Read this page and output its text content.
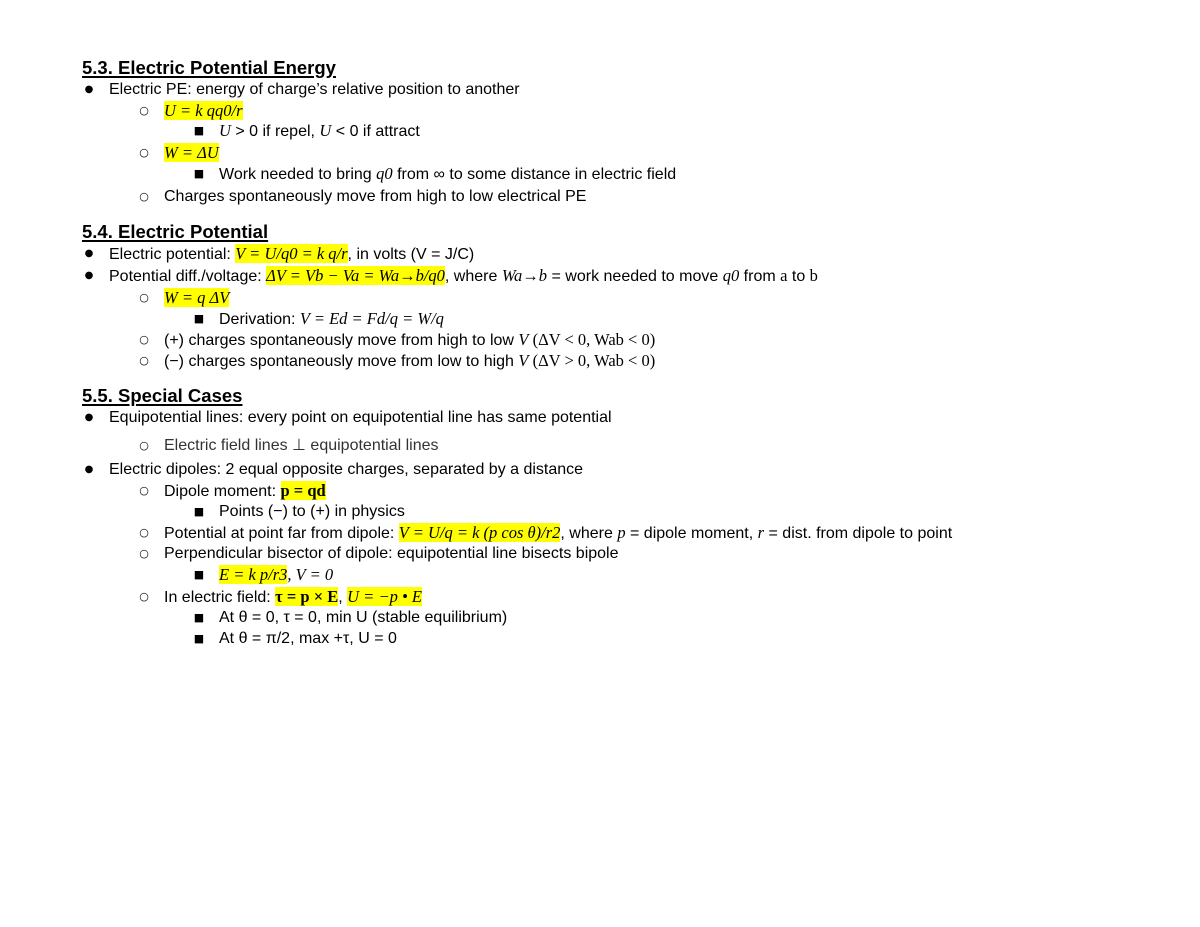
5.3. Electric Potential Energy
● Electric PE: energy of charge’s relative position to another
○ U = k qq0/r
■ U > 0 if repel, U < 0 if attract
○ W = ΔU
■ Work needed to bring q0 from ∞ to some distance in electric field
○ Charges spontaneously move from high to low electrical PE
5.4. Electric Potential
● Electric potential: V = U/q0 = k q/r, in volts (V = J/C)
● Potential diff./voltage: ΔV = Vb − Va = Wa→b/q0, where Wa→b = work needed to move q0 from a to b
○ W = q ΔV
■ Derivation: V = Ed = Fd/q = W/q
○ (+) charges spontaneously move from high to low V (ΔV < 0, Wab < 0)
○ (−) charges spontaneously move from low to high V (ΔV > 0, Wab < 0)
5.5. Special Cases
● Equipotential lines: every point on equipotential line has same potential
○ Electric field lines ⊥ equipotential lines
● Electric dipoles: 2 equal opposite charges, separated by a distance
○ Dipole moment: p = qd
■ Points (−) to (+) in physics
○ Potential at point far from dipole: V = U/q = k (p cos θ)/r2, where p = dipole moment, r = dist. from dipole to point
○ Perpendicular bisector of dipole: equipotential line bisects bipole
■ E = k p/r3, V = 0
○ In electric field: τ = p × E, U = −p • E
■ At θ = 0, τ = 0, min U (stable equilibrium)
■ At θ = π/2, max +τ, U = 0
